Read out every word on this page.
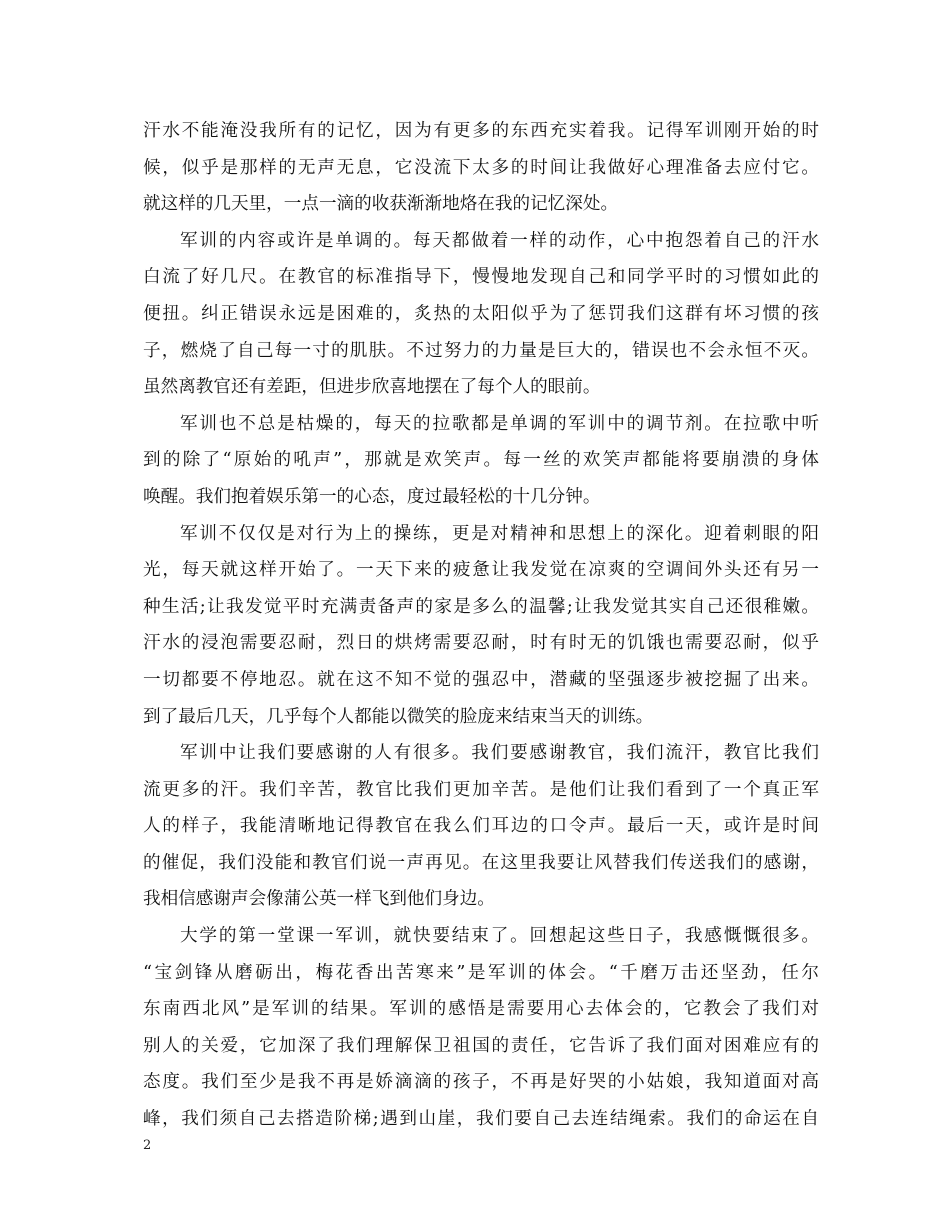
汗水不能淹没我所有的记忆，因为有更多的东西充实着我。记得军训刚开始的时
候，似乎是那样的无声无息，它没流下太多的时间让我做好心理准备去应付它。
就这样的几天里，一点一滴的收获渐渐地烙在我的记忆深处。
军训的内容或许是单调的。每天都做着一样的动作，心中抱怨着自己的汗水
白流了好几尺。在教官的标准指导下，慢慢地发现自己和同学平时的习惯如此的
便扭。纠正错误永远是困难的，炙热的太阳似乎为了惩罚我们这群有坏习惯的孩
子，燃烧了自己每一寸的肌肤。不过努力的力量是巨大的，错误也不会永恒不灭。
虽然离教官还有差距，但进步欣喜地摆在了每个人的眼前。
军训也不总是枯燥的，每天的拉歌都是单调的军训中的调节剂。在拉歌中听
到的除了“原始的吼声”，那就是欢笑声。每一丝的欢笑声都能将要崩溃的身体
唤醒。我们抱着娱乐第一的心态，度过最轻松的十几分钟。
军训不仅仅是对行为上的操练，更是对精神和思想上的深化。迎着刺眼的阳
光，每天就这样开始了。一天下来的疲惫让我发觉在凉爽的空调间外头还有另一
种生活;让我发觉平时充满责备声的家是多么的温馨;让我发觉其实自己还很稚嫩。
汗水的浸泡需要忍耐，烈日的烘烤需要忍耐，时有时无的饥饿也需要忍耐，似乎
一切都要不停地忍。就在这不知不觉的强忍中，潜藏的坚强逐步被挖掘了出来。
到了最后几天，几乎每个人都能以微笑的脸庞来结束当天的训练。
军训中让我们要感谢的人有很多。我们要感谢教官，我们流汗，教官比我们
流更多的汗。我们辛苦，教官比我们更加辛苦。是他们让我们看到了一个真正军
人的样子，我能清晰地记得教官在我么们耳边的口令声。最后一天，或许是时间
的催促，我们没能和教官们说一声再见。在这里我要让风替我们传送我们的感谢，
我相信感谢声会像蒲公英一样飞到他们身边。
大学的第一堂课一军训，就快要结束了。回想起这些日子，我感慨慨很多。
“宝剑锋从磨砺出，梅花香出苦寒来”是军训的体会。“千磨万击还坚劲，任尔
东南西北风”是军训的结果。军训的感悟是需要用心去体会的，它教会了我们对
别人的关爱，它加深了我们理解保卫祖国的责任，它告诉了我们面对困难应有的
态度。我们至少是我不再是娇滴滴的孩子，不再是好哭的小姑娘，我知道面对高
峰，我们须自己去搭造阶梯;遇到山崖，我们要自己去连结绳索。我们的命运在自
2
